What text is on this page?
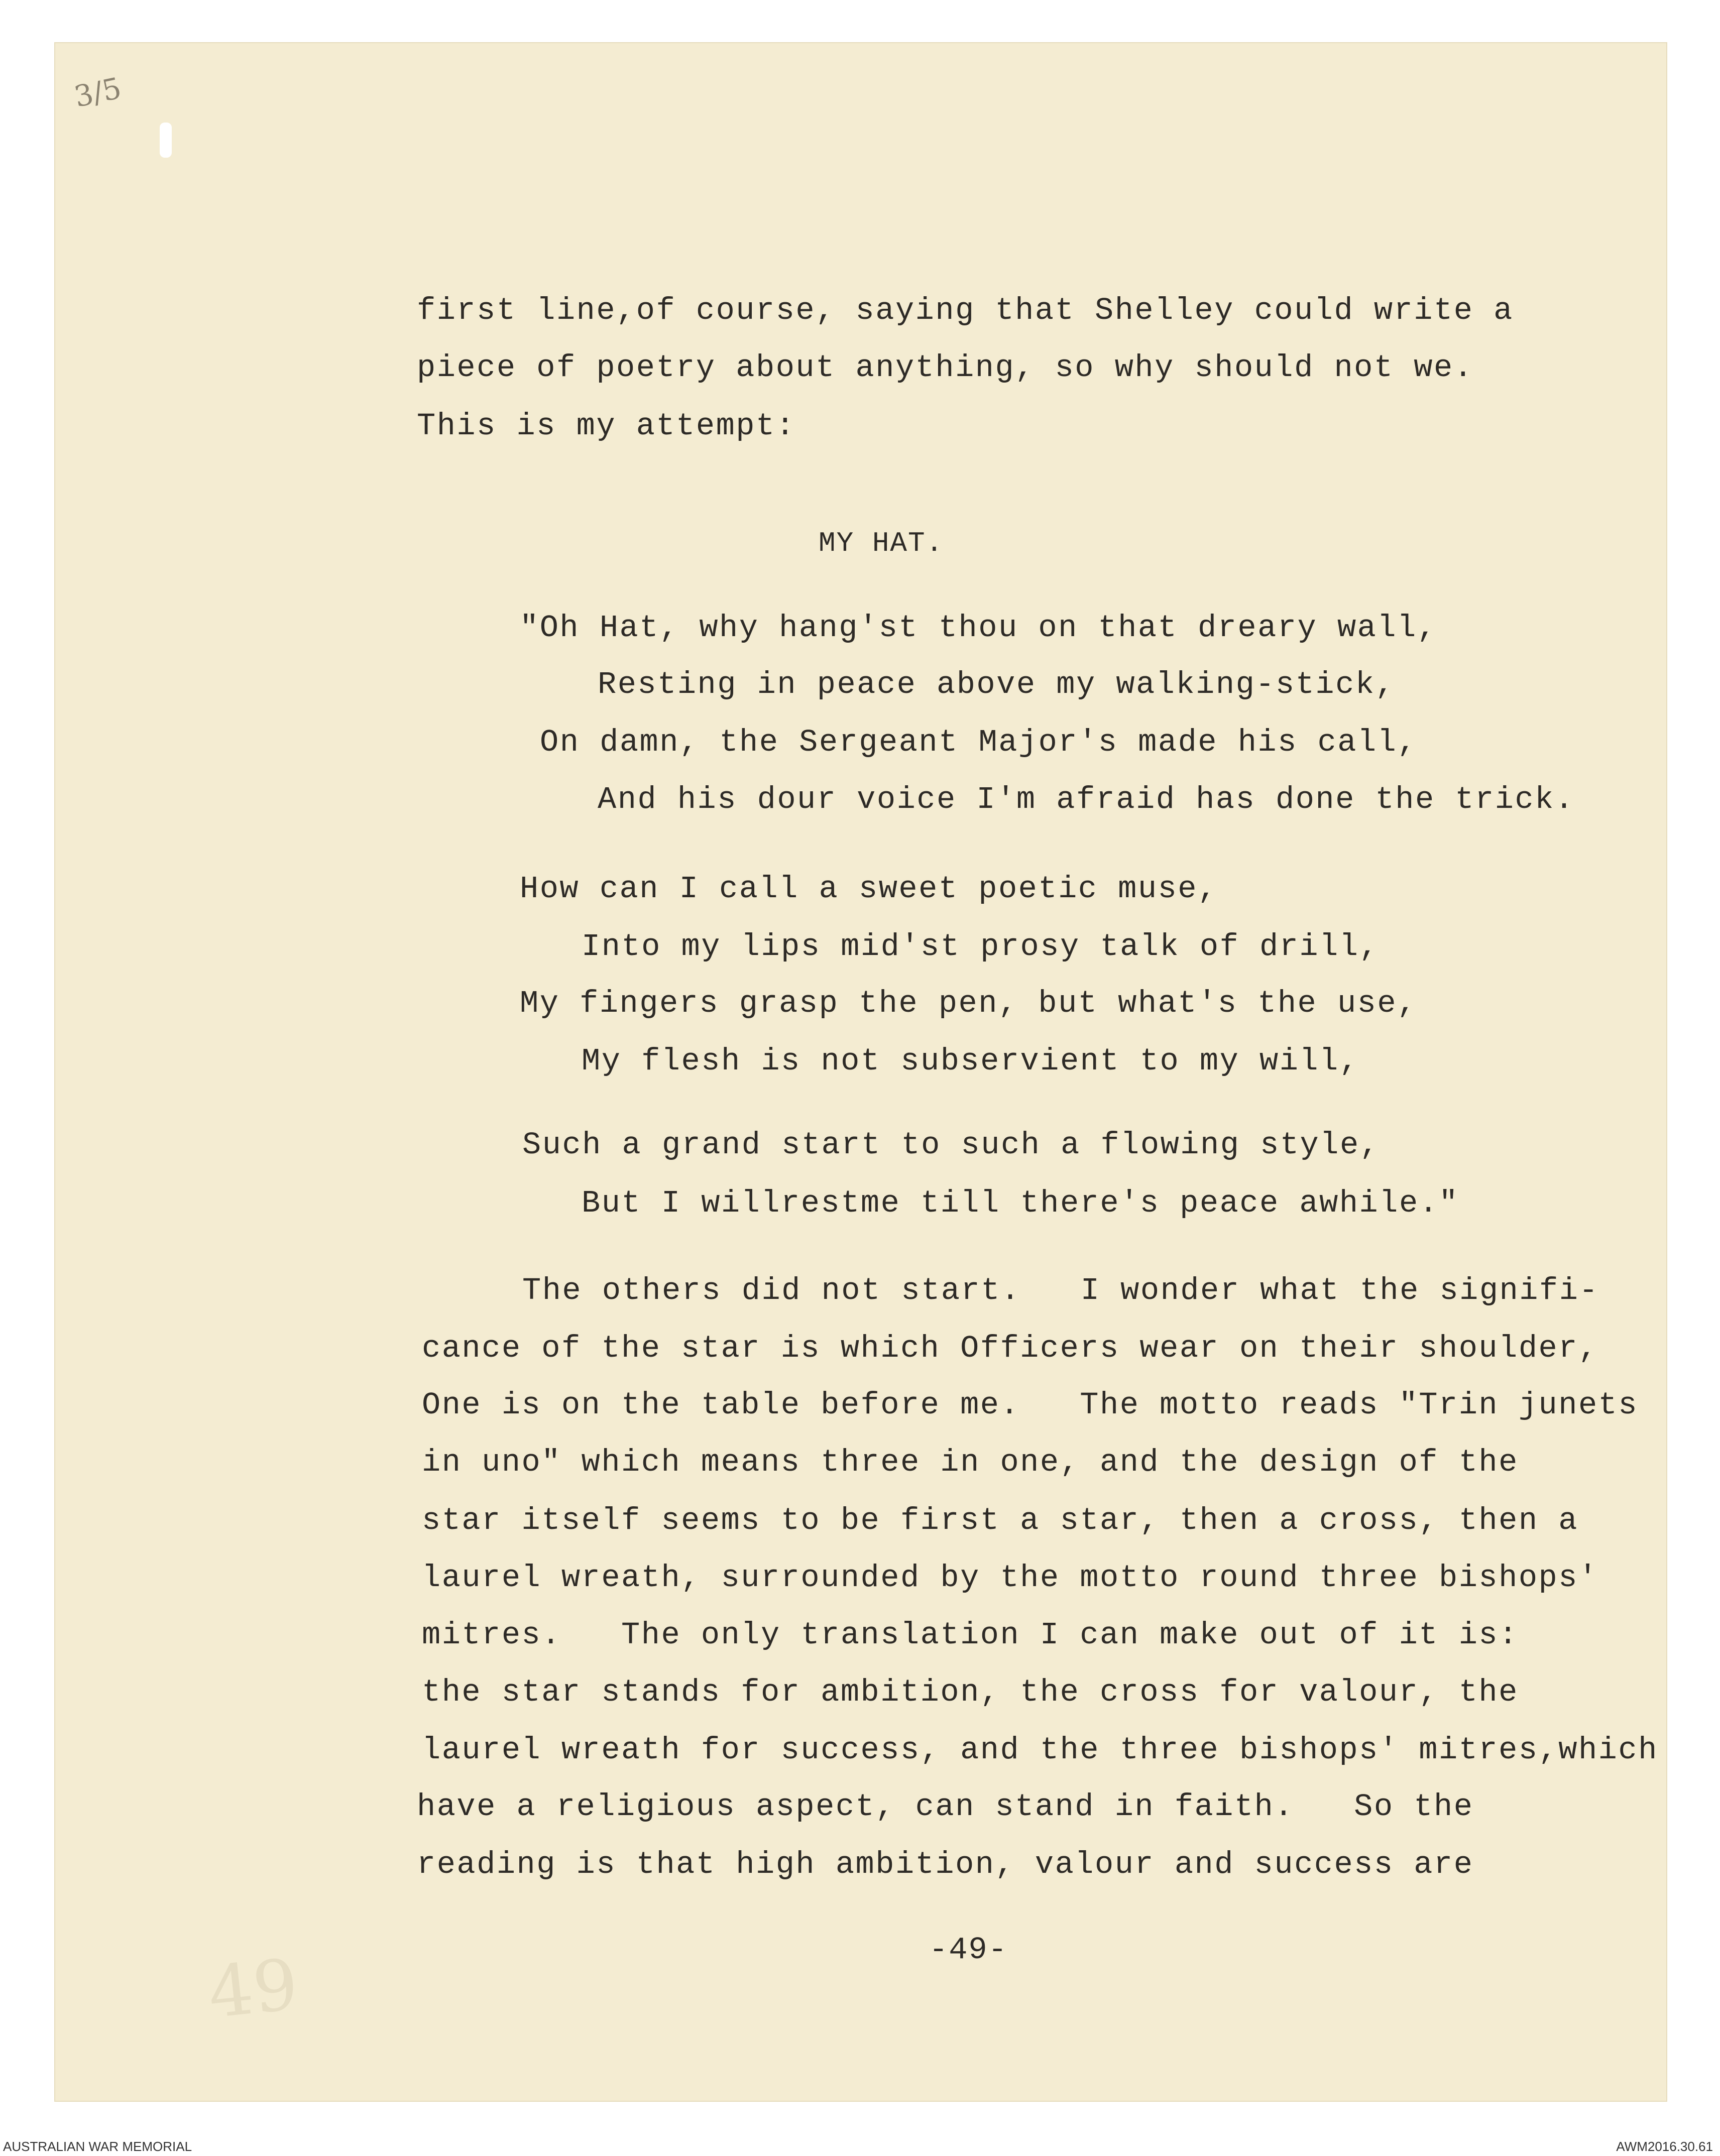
3/5

first line,of course, saying that Shelley could write a

piece of poetry about anything, so why should not we.

This is my attempt:

MY HAT.

"Oh Hat, why hang'st thou on that dreary wall,

Resting in peace above my walking-stick,

On damn, the Sergeant Major's made his call,

And his dour voice I'm afraid has done the trick.

How can I call a sweet poetic muse,

Into my lips mid'st prosy talk of drill,

My fingers grasp the pen, but what's the use,

My flesh is not subservient to my will,

Such a grand start to such a flowing style,

But I willrestme till there's peace awhile."

The others did not start.   I wonder what the signifi-

cance of the star is which Officers wear on their shoulder,

One is on the table before me.   The motto reads "Trin junets

in uno" which means three in one, and the design of the

star itself seems to be first a star, then a cross, then a

laurel wreath, surrounded by the motto round three bishops'

mitres.   The only translation I can make out of it is:

the star stands for ambition, the cross for valour, the

laurel wreath for success, and the three bishops' mitres,which

have a religious aspect, can stand in faith.   So the

reading is that high ambition, valour and success are

49	-49-
AUSTRALIAN WAR MEMORIAL	AWM2016.30.61
